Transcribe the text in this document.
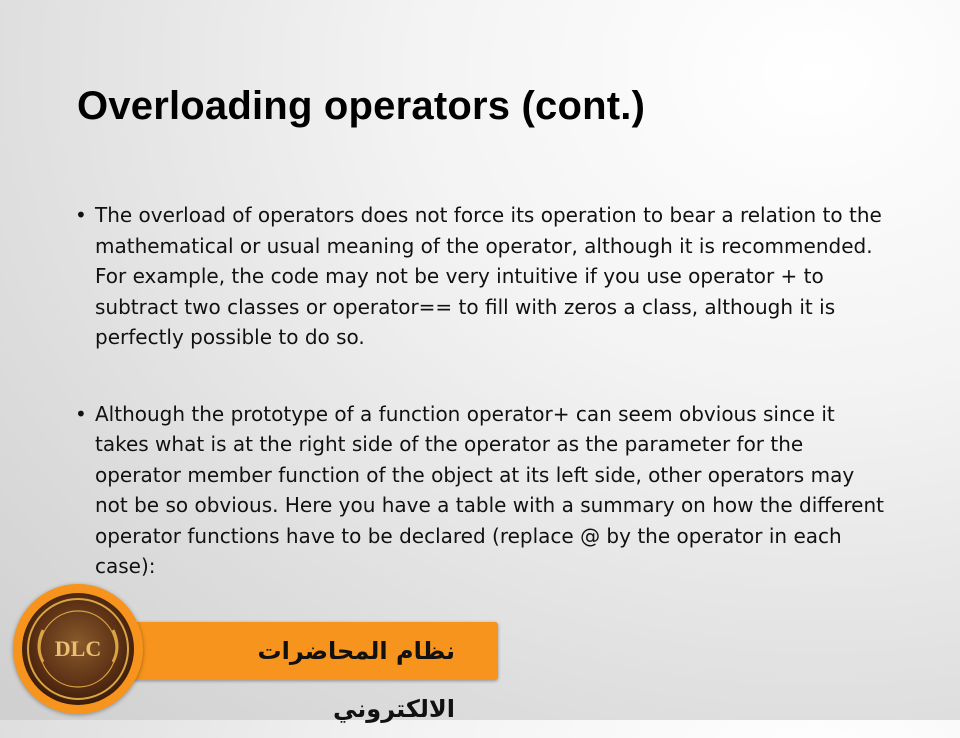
Overloading operators (cont.)
• The overload of operators does not force its operation to bear a relation to the mathematical or usual meaning of the operator, although it is recommended. For example, the code may not be very intuitive if you use operator + to subtract two classes or operator== to fill with zeros a class, although it is perfectly possible to do so.
• Although the prototype of a function operator+ can seem obvious since it takes what is at the right side of the operator as the parameter for the operator member function of the object at its left side, other operators may not be so obvious. Here you have a table with a summary on how the different operator functions have to be declared (replace @ by the operator in each case):
نظام المحاضرات الالكتروني
DLC
